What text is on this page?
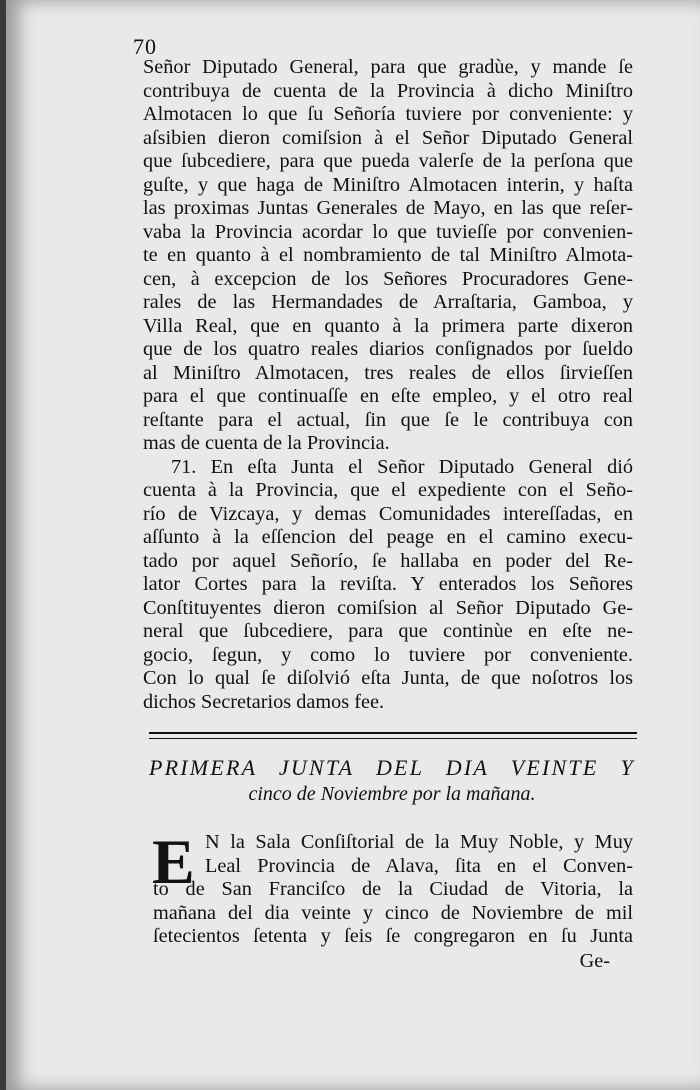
70
Señor Diputado General, para que gradùe, y mande ſe
contribuya de cuenta de la Provincia à dicho Miniſtro
Almotacen lo que ſu Señoría tuviere por conveniente: y
aſsibien dieron comiſsion à el Señor Diputado General
que ſubcediere, para que pueda valerſe de la perſona que
guſte, y que haga de Miniſtro Almotacen interin, y haſta
las proximas Juntas Generales de Mayo, en las que reſer-
vaba la Provincia acordar lo que tuvieſſe por convenien-
te en quanto à el nombramiento de tal Miniſtro Almota-
cen, à excepcion de los Señores Procuradores Gene-
rales de las Hermandades de Arraſtaria, Gamboa, y
Villa Real, que en quanto à la primera parte dixeron
que de los quatro reales diarios conſignados por ſueldo
al Miniſtro Almotacen, tres reales de ellos ſirvieſſen
para el que continuaſſe en eſte empleo, y el otro real
reſtante para el actual, ſin que ſe le contribuya con
mas de cuenta de la Provincia.
71. En eſta Junta el Señor Diputado General dió
cuenta à la Provincia, que el expediente con el Seño-
río de Vizcaya, y demas Comunidades intereſſadas, en
aſſunto à la eſſencion del peage en el camino execu-
tado por aquel Señorío, ſe hallaba en poder del Re-
lator Cortes para la reviſta. Y enterados los Señores
Conſtituyentes dieron comiſsion al Señor Diputado Ge-
neral que ſubcediere, para que continùe en eſte ne-
gocio, ſegun, y como lo tuviere por conveniente.
Con lo qual ſe diſolvió eſta Junta, de que noſotros los
dichos Secretarios damos fee.
PRIMERA JUNTA DEL DIA VEINTE Y
cinco de Noviembre por la mañana.
E N la Sala Conſiſtorial de la Muy Noble, y Muy
Leal Provincia de Alava, ſita en el Conven-
to de San Franciſco de la Ciudad de Vitoria, la
mañana del dia veinte y cinco de Noviembre de mil
ſetecientos ſetenta y ſeis ſe congregaron en ſu Junta
Ge-
